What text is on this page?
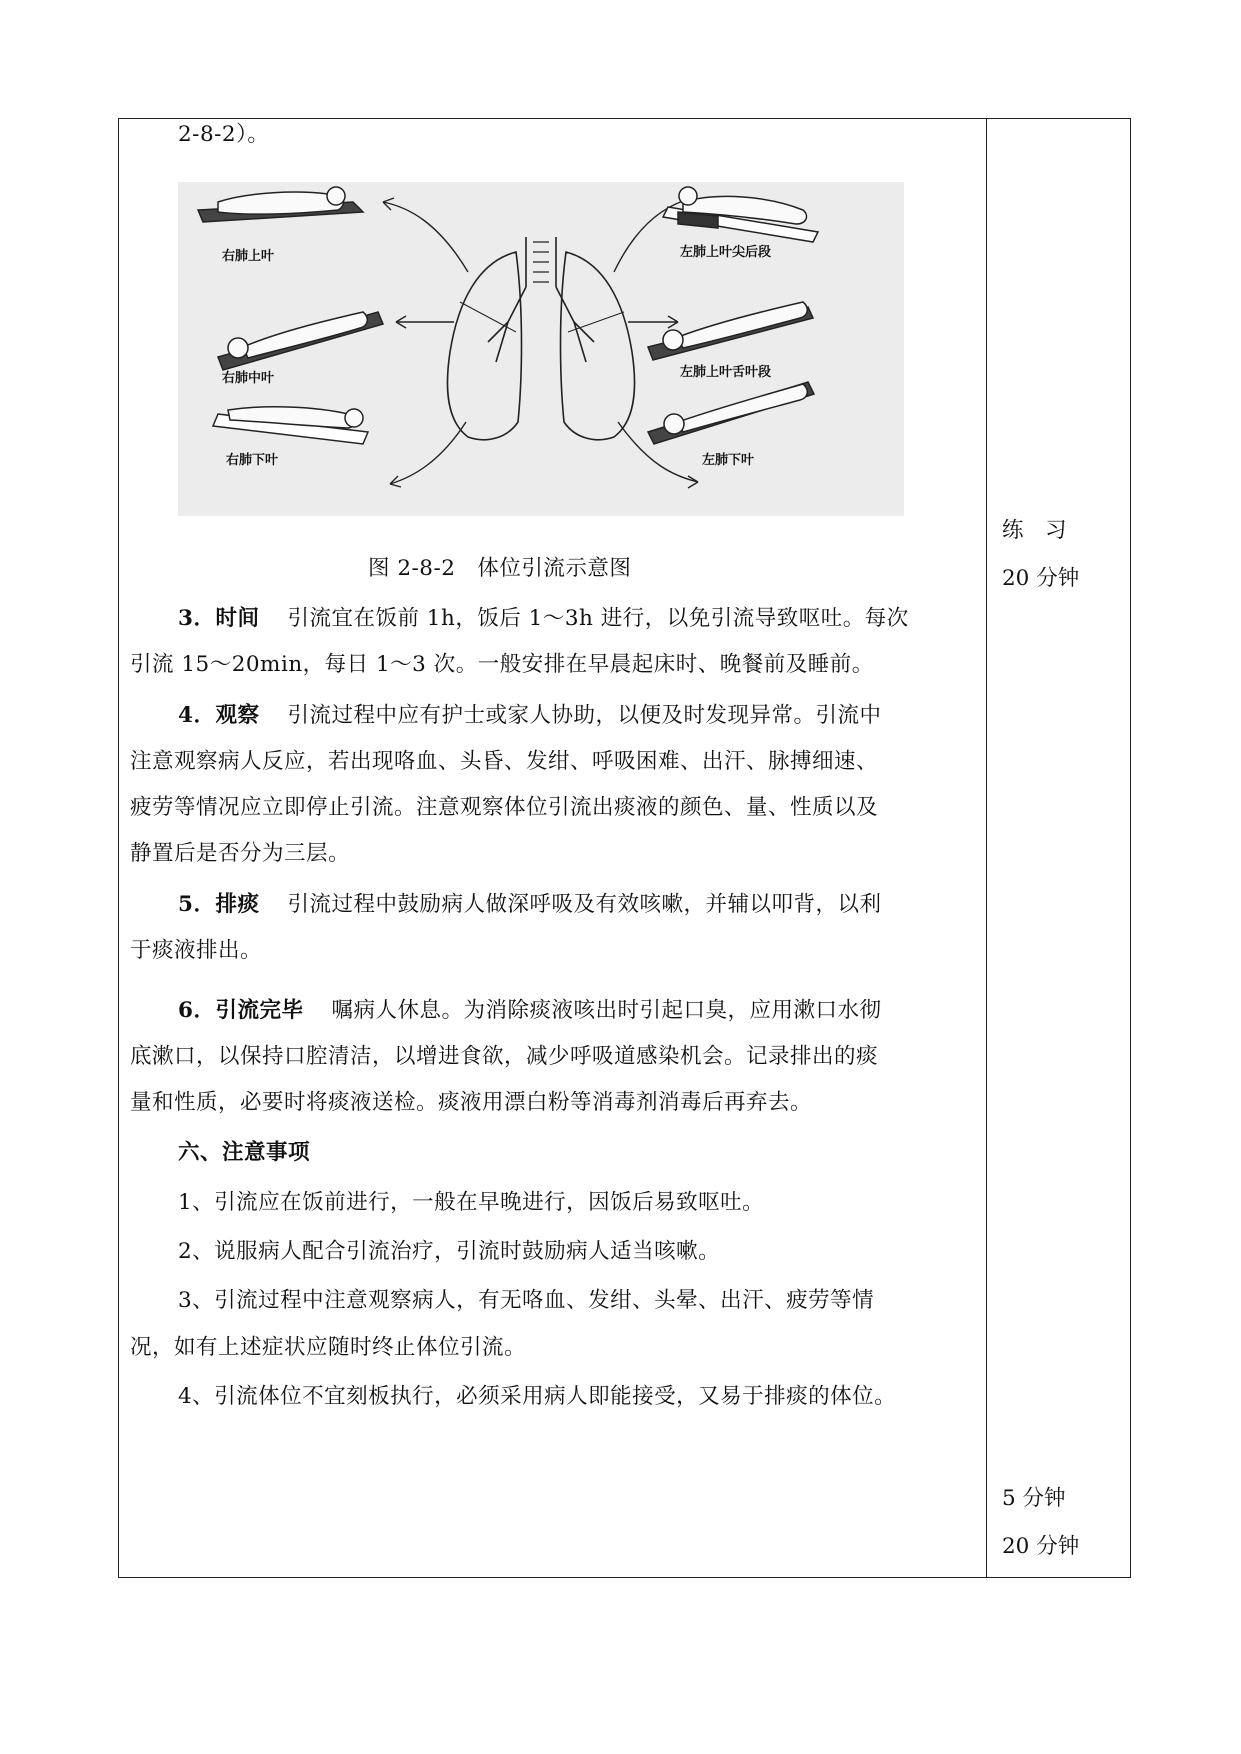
2-8-2）。
右肺上叶
右肺中叶
右肺下叶
左肺上叶尖后段
左肺上叶舌叶段
左肺下叶
图 2-8-2　体位引流示意图
3．时间 引流宜在饭前 1h，饭后 1～3h 进行，以免引流导致呕吐。每次
引流 15～20min，每日 1～3 次。一般安排在早晨起床时、晚餐前及睡前。
4．观察 引流过程中应有护士或家人协助，以便及时发现异常。引流中
注意观察病人反应，若出现咯血、头昏、发绀、呼吸困难、出汗、脉搏细速、
疲劳等情况应立即停止引流。注意观察体位引流出痰液的颜色、量、性质以及
静置后是否分为三层。
5．排痰 引流过程中鼓励病人做深呼吸及有效咳嗽，并辅以叩背，以利
于痰液排出。
6．引流完毕 嘱病人休息。为消除痰液咳出时引起口臭，应用漱口水彻
底漱口，以保持口腔清洁，以增进食欲，减少呼吸道感染机会。记录排出的痰
量和性质，必要时将痰液送检。痰液用漂白粉等消毒剂消毒后再弃去。
六、注意事项
1、引流应在饭前进行，一般在早晚进行，因饭后易致呕吐。
2、说服病人配合引流治疗，引流时鼓励病人适当咳嗽。
3、引流过程中注意观察病人，有无咯血、发绀、头晕、出汗、疲劳等情
况，如有上述症状应随时终止体位引流。
4、引流体位不宜刻板执行，必须采用病人即能接受，又易于排痰的体位。
练　习
20 分钟
5 分钟
20 分钟
